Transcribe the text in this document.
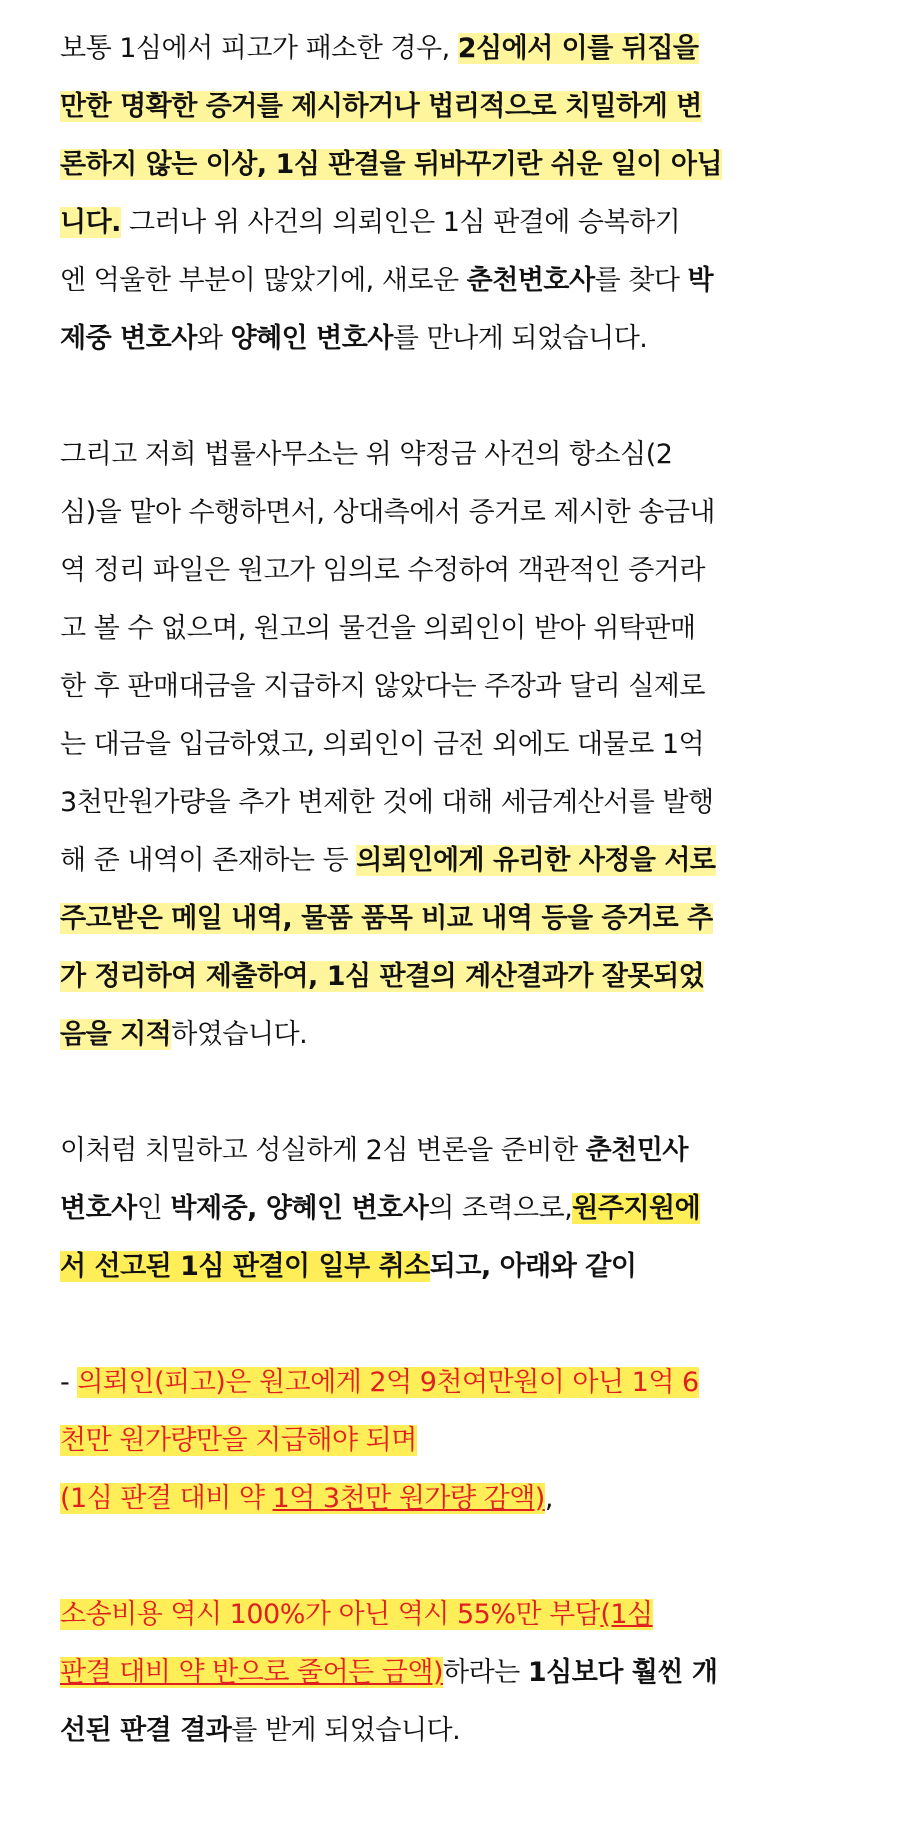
보통 1심에서 피고가 패소한 경우, 2심에서 이를 뒤집을
만한 명확한 증거를 제시하거나 법리적으로 치밀하게 변
론하지 않는 이상, 1심 판결을 뒤바꾸기란 쉬운 일이 아닙
니다. 그러나 위 사건의 의뢰인은 1심 판결에 승복하기
엔 억울한 부분이 많았기에, 새로운 춘천변호사를 찾다 박
제중 변호사와 양혜인 변호사를 만나게 되었습니다.
그리고 저희 법률사무소는 위 약정금 사건의 항소심(2
심)을 맡아 수행하면서, 상대측에서 증거로 제시한 송금내
역 정리 파일은 원고가 임의로 수정하여 객관적인 증거라
고 볼 수 없으며, 원고의 물건을 의뢰인이 받아 위탁판매
한 후 판매대금을 지급하지 않았다는 주장과 달리 실제로
는 대금을 입금하였고, 의뢰인이 금전 외에도 대물로 1억
3천만원가량을 추가 변제한 것에 대해 세금계산서를 발행
해 준 내역이 존재하는 등 의뢰인에게 유리한 사정을 서로
주고받은 메일 내역, 물품 품목 비교 내역 등을 증거로 추
가 정리하여 제출하여, 1심 판결의 계산결과가 잘못되었
음을 지적하였습니다.
이처럼 치밀하고 성실하게 2심 변론을 준비한 춘천민사
변호사인 박제중, 양혜인 변호사의 조력으로,원주지원에
서 선고된 1심 판결이 일부 취소되고, 아래와 같이
- 의뢰인(피고)은 원고에게 2억 9천여만원이 아닌 1억 6
천만 원가량만을 지급해야 되며
(1심 판결 대비 약 1억 3천만 원가량 감액),
소송비용 역시 100%가 아닌 역시 55%만 부담(1심
판결 대비 약 반으로 줄어든 금액)하라는 1심보다 훨씬 개
선된 판결 결과를 받게 되었습니다.
